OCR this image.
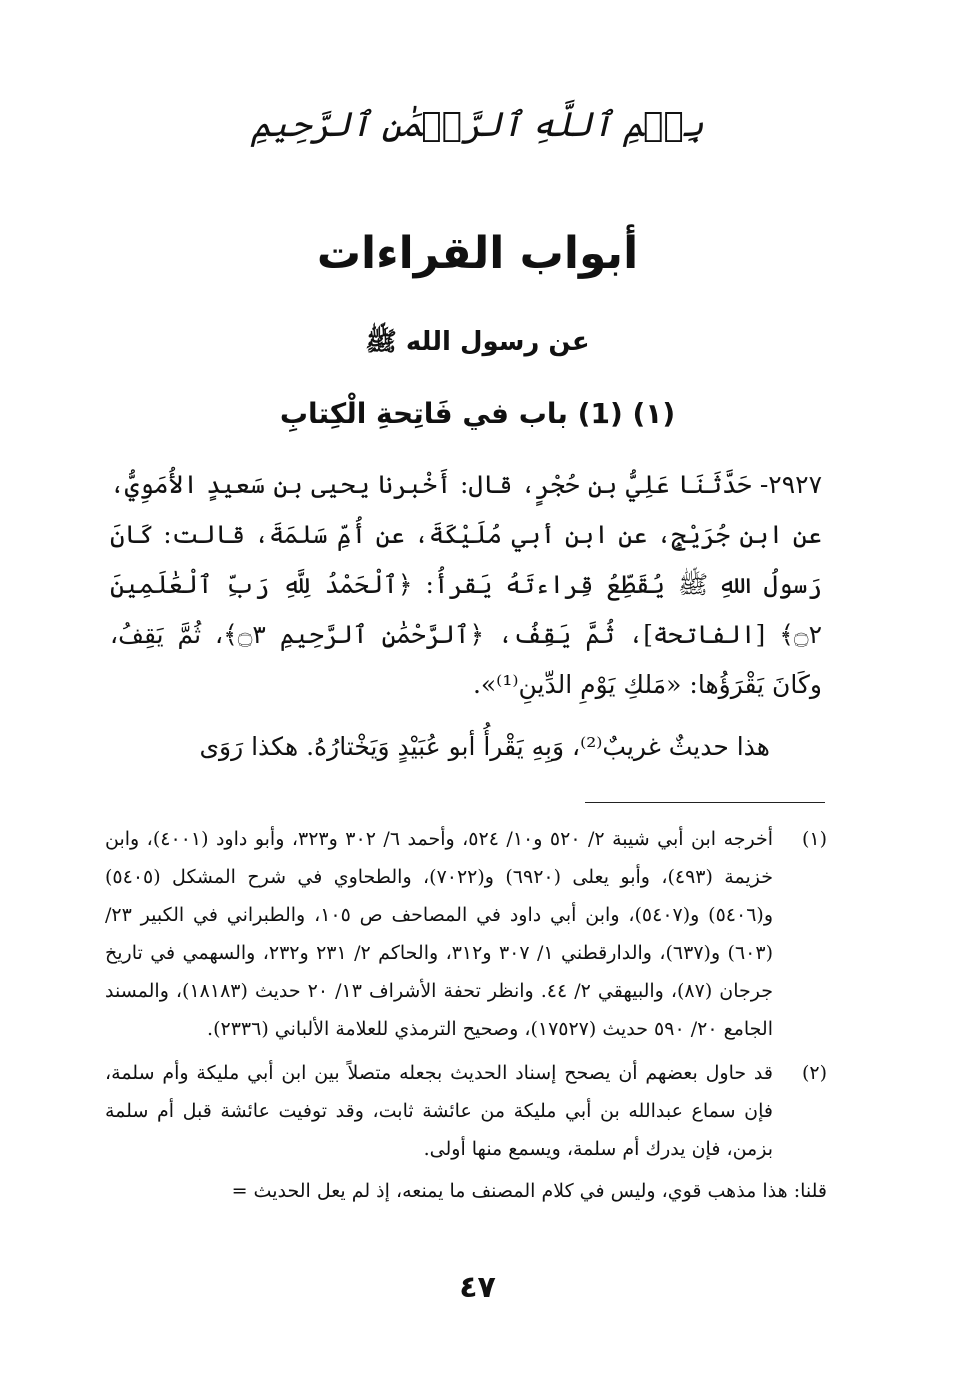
بِسۡمِ ٱللَّهِ ٱلرَّحۡمَٰنِ ٱلرَّحِيمِ
أبواب القراءات
عن رسول الله ﷺ
(١) (1) باب في فَاتِحةِ الْكِتابِ

٢٩٢٧- حَدَّثَنَا عَلِيُّ بن حُجْرٍ، قال: أَخْبرنا يحيى بن سَعيدٍ الأُمَوِيُّ، عن ابن جُرَيْجٍ، عن ابن أبي مُلَيْكَةَ، عن أُمِّ سَلمَةَ، قالت: كَانَ رَسولُ اللهِ ﷺ يُقَطِّعُ قِراءتَهُ يَقرأُ: ﴿ٱلْحَمْدُ لِلَّهِ رَبِّ ٱلْعَٰلَمِينَ ۝٢﴾ [الفاتحة]، ثُمَّ يَقِفُ، ﴿ٱلرَّحْمَٰنِ ٱلرَّحِيمِ ۝٣﴾، ثُمَّ يَقِفُ، وكَانَ يَقْرَؤُها: «مَلكِ يَوْمِ الدِّينِ⁽¹⁾».

هذا حديثٌ غريبٌ⁽²⁾، وَبِهِ يَقْرأُ أبو عُبَيْدٍ وَيَخْتارُهُ. هكذا رَوَى

(١)
أخرجه ابن أبي شيبة ٢/ ٥٢٠ و١٠/ ٥٢٤، وأحمد ٦/ ٣٠٢ و٣٢٣، وأبو داود (٤٠٠١)، وابن خزيمة (٤٩٣)، وأبو يعلى (٦٩٢٠) و(٧٠٢٢)، والطحاوي في شرح المشكل (٥٤٠٥) و(٥٤٠٦) و(٥٤٠٧)، وابن أبي داود في المصاحف ص ١٠٥، والطبراني في الكبير ٢٣/ (٦٠٣) و(٦٣٧)، والدارقطني ١/ ٣٠٧ و٣١٢، والحاكم ٢/ ٢٣١ و٢٣٢، والسهمي في تاريخ جرجان (٨٧)، والبيهقي ٢/ ٤٤. وانظر تحفة الأشراف ١٣/ ٢٠ حديث (١٨١٨٣)، والمسند الجامع ٢٠/ ٥٩٠ حديث (١٧٥٢٧)، وصحيح الترمذي للعلامة الألباني (٢٣٣٦).
(٢)
قد حاول بعضهم أن يصحح إسناد الحديث بجعله متصلاً بين ابن أبي مليكة وأم سلمة، فإن سماع عبدالله بن أبي مليكة من عائشة ثابت، وقد توفيت عائشة قبل أم سلمة بزمن، فإن يدرك أم سلمة، ويسمع منها أولى.

قلنا: هذا مذهب قوي، وليس في كلام المصنف ما يمنعه، إذ لم يعل الحديث =

٤٧
